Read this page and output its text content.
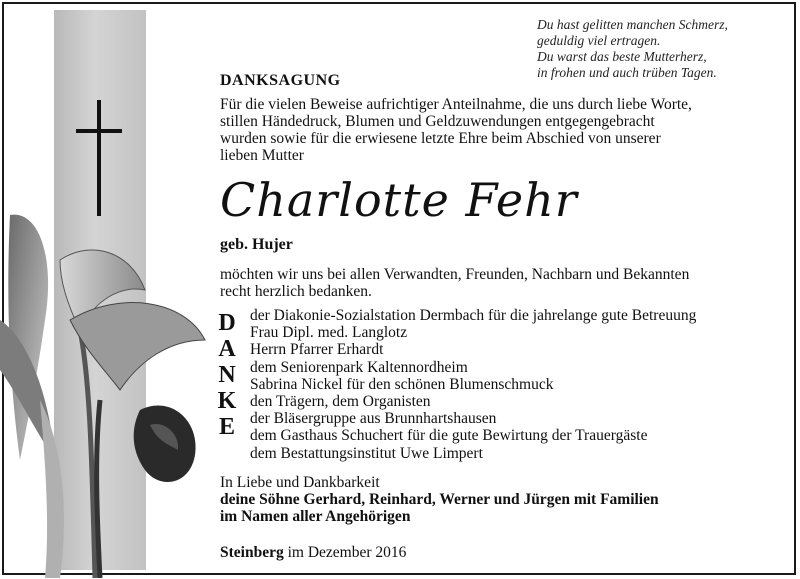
Du hast gelitten manchen Schmerz,
geduldig viel ertragen.
Du warst das beste Mutterherz,
in frohen und auch trüben Tagen.
DANKSAGUNG
Für die vielen Beweise aufrichtiger Anteilnahme, die uns durch liebe Worte,
stillen Händedruck, Blumen und Geldzuwendungen entgegengebracht
wurden sowie für die erwiesene letzte Ehre beim Abschied von unserer
lieben Mutter
Charlotte Fehr
geb. Hujer
möchten wir uns bei allen Verwandten, Freunden, Nachbarn und Bekannten
recht herzlich bedanken.
D
A
N
K
E
der Diakonie-Sozialstation Dermbach für die jahrelange gute Betreuung
Frau Dipl. med. Langlotz
Herrn Pfarrer Erhardt
dem Seniorenpark Kaltennordheim
Sabrina Nickel für den schönen Blumenschmuck
den Trägern, dem Organisten
der Bläsergruppe aus Brunnhartshausen
dem Gasthaus Schuchert für die gute Bewirtung der Trauergäste
dem Bestattungsinstitut Uwe Limpert
In Liebe und Dankbarkeit
deine Söhne Gerhard, Reinhard, Werner und Jürgen mit Familien
im Namen aller Angehörigen
Steinberg im Dezember 2016
